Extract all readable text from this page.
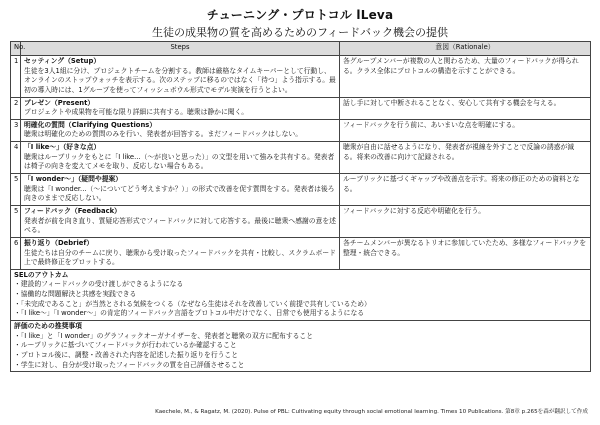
チューニング・プロトコル lLeva
生徒の成果物の質を高めるためのフィードバック機会の提供
No.	Steps	意図（Rationale）
1	セッティング（Setup）
生徒を3人1組に分け、プロジェクトチームを分割する。教師は厳格なタイムキーパーとして行動し、オンラインのストップウォッチを表示する。次のステップに移るのではなく「待つ」よう指示する。最初の導入時には、1グループを使ってフィッシュボウル形式でモデル実演を行うとよい。	各グループメンバーが複数の人と関わるため、大量のフィードバックが得られる。クラス全体にプロトコルの構造を示すことができる。
2	プレゼン（Present）
プロジェクトや成果物を可能な限り詳細に共有する。聴衆は静かに聞く。	話し手に対して中断されることなく、安心して共有する機会を与える。
3	明確化の質問（Clarifying Questions）
聴衆は明確化のための質問のみを行い、発表者が回答する。まだフィードバックはしない。	フィードバックを行う前に、あいまいな点を明確にする。
4	「I like～」（好きな点）
聴衆はルーブリックをもとに「I like...（～が良いと思った）」の文型を用いて強みを共有する。発表者は椅子の向きを変えてメモを取り、反応しない場合もある。	聴衆が自由に話せるようになり、発表者が視線を外すことで反論の誘惑が減る。将来の改善に向けて記録される。
5	「I wonder～」（疑問や提案）
聴衆は「I wonder...（～についてどう考えますか？）」の形式で改善を促す質問をする。発表者は後ろ向きのままで反応しない。	ルーブリックに基づくギャップや改善点を示す。将来の修正のための資料となる。
5	フィードバック（Feedback）
発表者が前を向き直り、質疑応答形式でフィードバックに対して応答する。最後に聴衆へ感謝の意を述べる。	フィードバックに対する反応や明確化を行う。
6	振り返り（Debrief）
生徒たちは自分のチームに戻り、聴衆から受け取ったフィードバックを共有・比較し、スクラムボード上で最終修正をプロットする。	各チームメンバーが異なるトリオに参加していたため、多様なフィードバックを整理・統合できる。

SELのアウトカム
・建設的フィードバックの受け渡しができるようになる
・協働的な問題解決と共感を実践できる
・「未完成であること」が当然とされる気候をつくる（なぜなら生徒はそれを改善していく前提で共有しているため）
・「I like～」「I wonder～」の肯定的フィードバック言語をプロトコル中だけでなく、日常でも使用するようになる		

評価のための推奨事項
・「I like」と「I wonder」のグラフィックオーガナイザーを、発表者と聴衆の双方に配布すること
・ルーブリックに基づいてフィードバックが行われているか確認すること
・プロトコル後に、調整・改善された内容を記述した振り返りを行うこと
・学生に対し、自分が受け取ったフィードバックの質を自己評価させること		
Kaechele, M., & Ragatz, M. (2020). Pulse of PBL: Cultivating equity through social emotional learning. Times 10 Publications. 第8章 p.265を森が翻訳して作成
